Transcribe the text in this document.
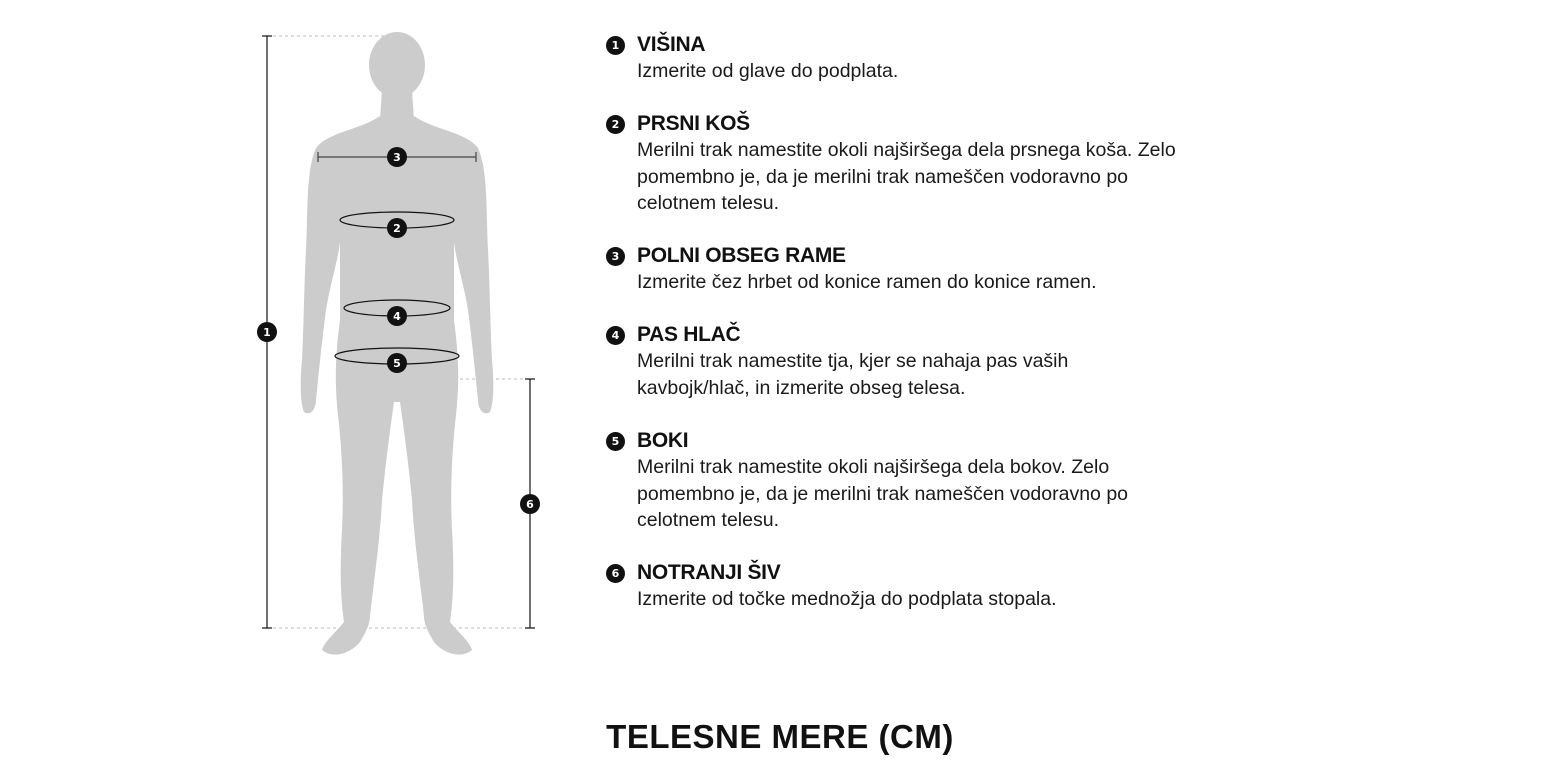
1
3
2
4
5
6
1 VIŠINA
Izmerite od glave do podplata.
2 PRSNI KOŠ
Merilni trak namestite okoli najširšega dela prsnega koša. Zelo pomembno je, da je merilni trak nameščen vodoravno po celotnem telesu.
3 POLNI OBSEG RAME
Izmerite čez hrbet od konice ramen do konice ramen.
4 PAS HLAČ
Merilni trak namestite tja, kjer se nahaja pas vaših kavbojk/hlač, in izmerite obseg telesa.
5 BOKI
Merilni trak namestite okoli najširšega dela bokov. Zelo pomembno je, da je merilni trak nameščen vodoravno po celotnem telesu.
6 NOTRANJI ŠIV
Izmerite od točke mednožja do podplata stopala.
TELESNE MERE (CM)
